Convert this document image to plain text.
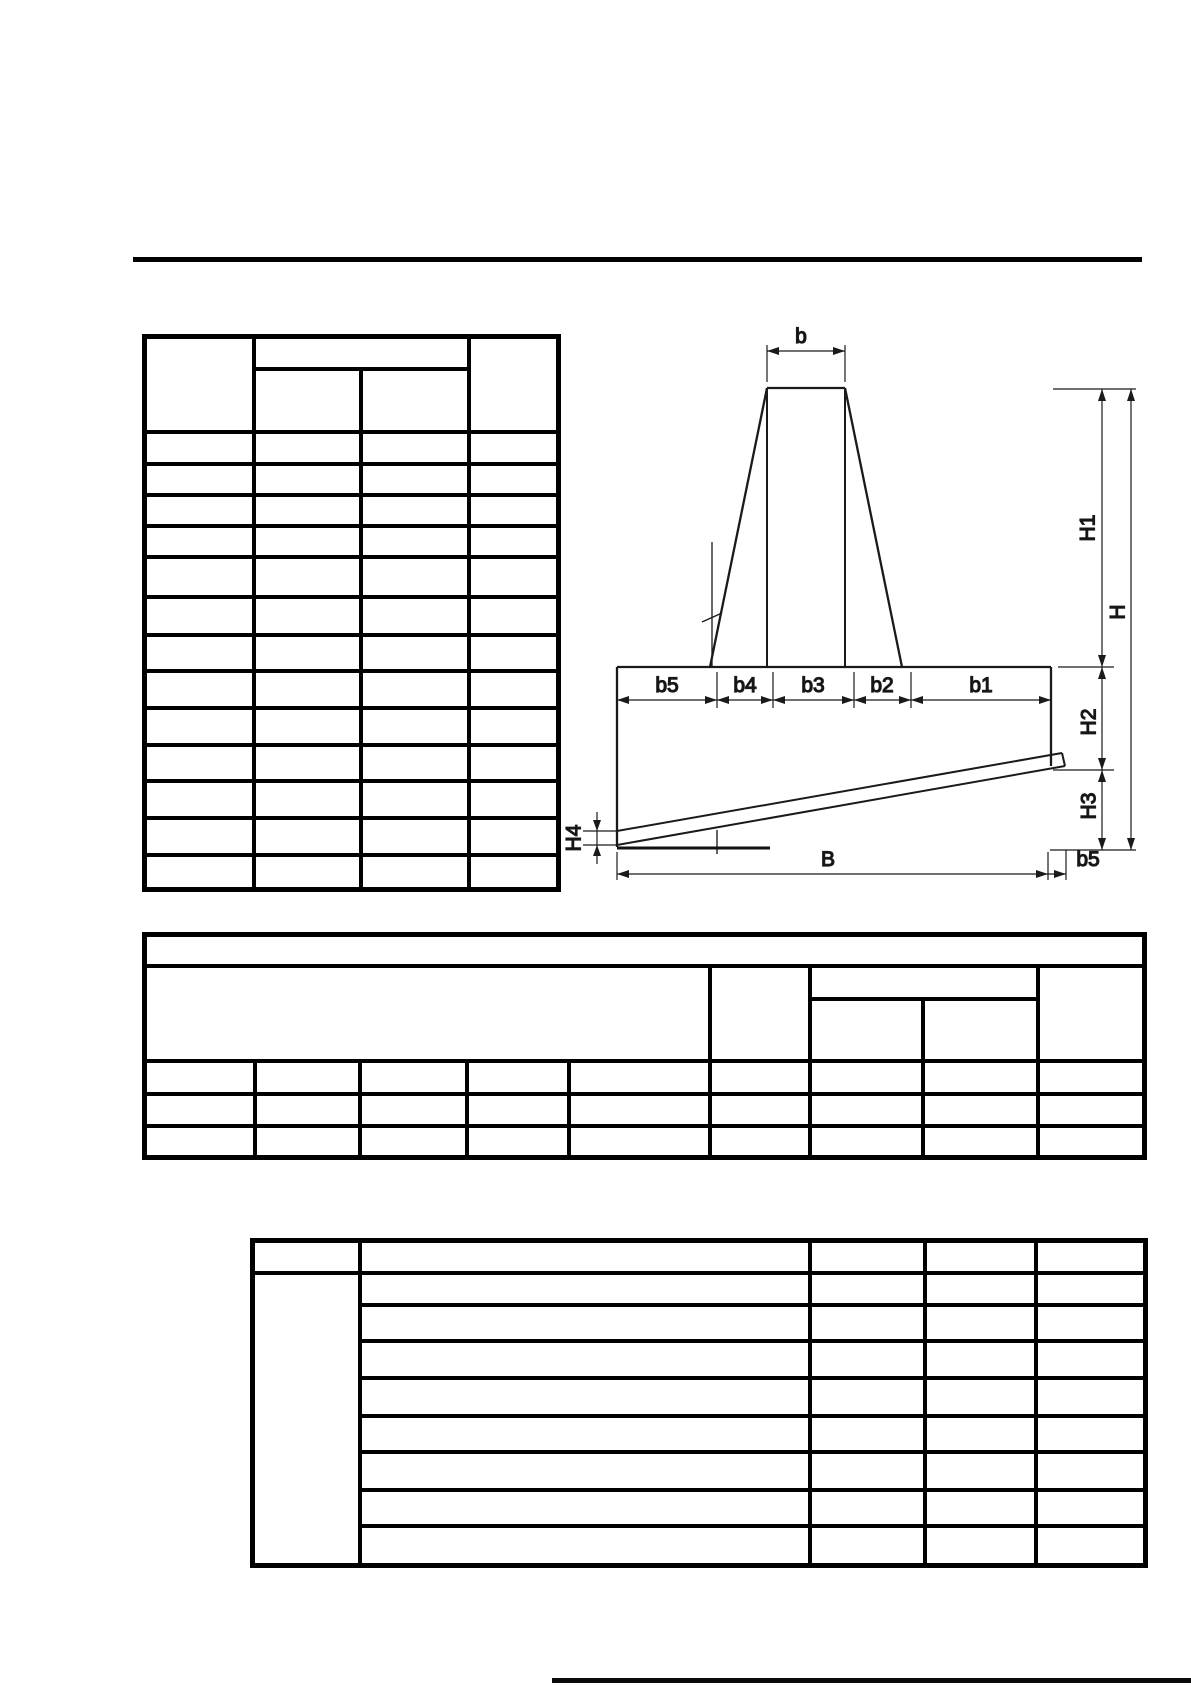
b
b5	b4 b3 b2	b1
H4
B	b5
H1
H
H2
H3
